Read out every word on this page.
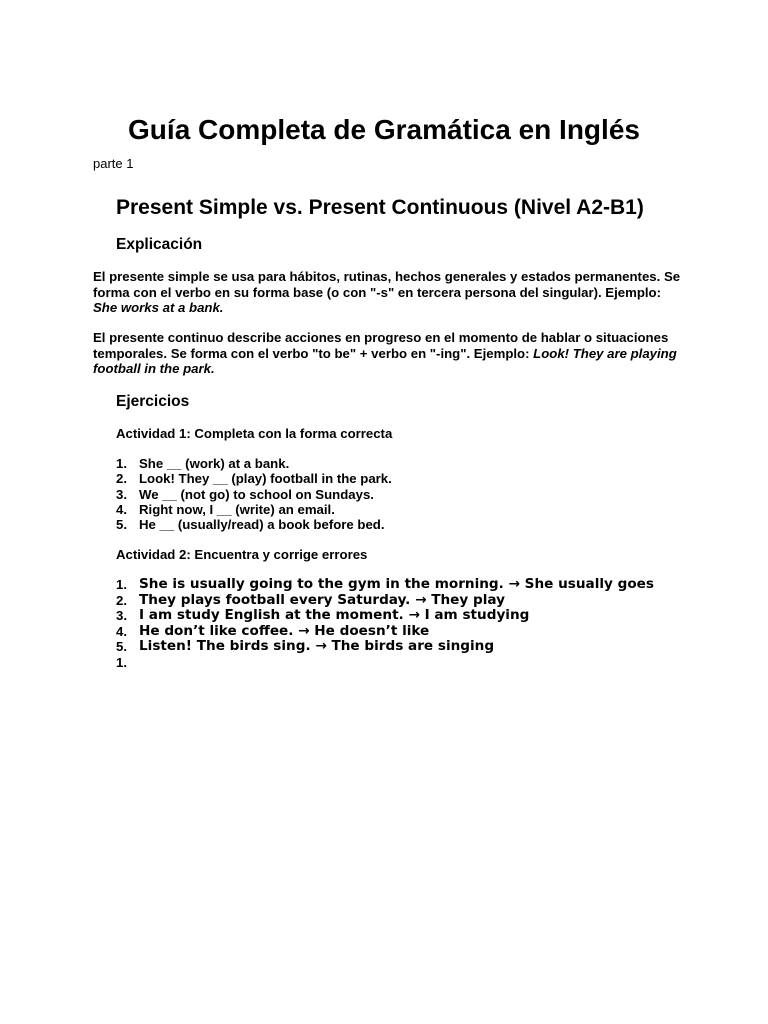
Guía Completa de Gramática en Inglés

parte 1

Present Simple vs. Present Continuous (Nivel A2-B1)
Explicación

El presente simple se usa para hábitos, rutinas, hechos generales y estados permanentes. Se forma con el verbo en su forma base (o con "-s" en tercera persona del singular). Ejemplo: She works at a bank.

El presente continuo describe acciones en progreso en el momento de hablar o situaciones temporales. Se forma con el verbo "to be" + verbo en "-ing". Ejemplo: Look! They are playing football in the park.

Ejercicios

Actividad 1: Completa con la forma correcta

1. She __ (work) at a bank.
2. Look! They __ (play) football in the park.
3. We __ (not go) to school on Sundays.
4. Right now, I __ (write) an email.
5. He __ (usually/read) a book before bed.

Actividad 2: Encuentra y corrige errores

1. She is usually going to the gym in the morning. → She usually goes
2. They plays football every Saturday. → They play
3. I am study English at the moment. → I am studying
4. He don’t like coffee. → He doesn’t like
5. Listen! The birds sing. → The birds are singing
1.
